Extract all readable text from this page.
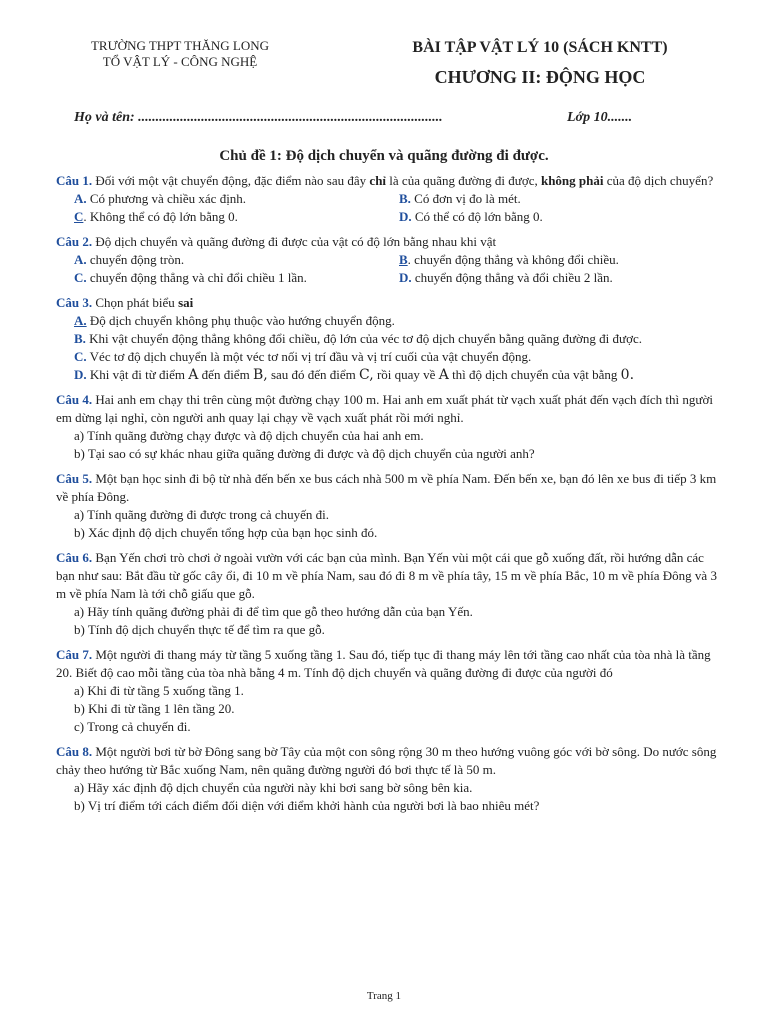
TRƯỜNG THPT THĂNG LONG
TỔ VẬT LÝ - CÔNG NGHỆ
BÀI TẬP VẬT LÝ 10 (SÁCH KNTT)
CHƯƠNG II: ĐỘNG HỌC
Họ và tên: .......................................................................................	Lớp 10.......
Chủ đề 1: Độ dịch chuyển và quãng đường đi được.
Câu 1. Đối với một vật chuyển động, đặc điểm nào sau đây chỉ là của quãng đường đi được, không phải của độ dịch chuyển?
A. Có phương và chiều xác định.	B. Có đơn vị đo là mét.
C. Không thể có độ lớn bằng 0.	D. Có thể có độ lớn bằng 0.
Câu 2. Độ dịch chuyển và quãng đường đi được của vật có độ lớn bằng nhau khi vật
A. chuyển động tròn.	B. chuyển động thẳng và không đổi chiều.
C. chuyển động thẳng và chỉ đổi chiều 1 lần.	D. chuyển động thẳng và đổi chiều 2 lần.
Câu 3. Chọn phát biểu sai
A. Độ dịch chuyển không phụ thuộc vào hướng chuyển động.
B. Khi vật chuyển động thẳng không đổi chiều, độ lớn của véc tơ độ dịch chuyển bằng quãng đường đi được.
C. Véc tơ độ dịch chuyển là một véc tơ nối vị trí đầu và vị trí cuối của vật chuyển động.
D. Khi vật đi từ điểm A đến điểm B, sau đó đến điểm C, rồi quay về A thì độ dịch chuyển của vật bằng 0.
Câu 4. Hai anh em chạy thi trên cùng một đường chạy 100 m. Hai anh em xuất phát từ vạch xuất phát đến vạch đích thì người em dừng lại nghỉ, còn người anh quay lại chạy về vạch xuất phát rồi mới nghỉ.
a) Tính quãng đường chạy được và độ dịch chuyển của hai anh em.
b) Tại sao có sự khác nhau giữa quãng đường đi được và độ dịch chuyển của người anh?
Câu 5. Một bạn học sinh đi bộ từ nhà đến bến xe bus cách nhà 500 m về phía Nam. Đến bến xe, bạn đó lên xe bus đi tiếp 3 km về phía Đông.
a) Tính quãng đường đi được trong cả chuyến đi.
b) Xác định độ dịch chuyển tổng hợp của bạn học sinh đó.
Câu 6. Bạn Yến chơi trò chơi ở ngoài vườn với các bạn của mình. Bạn Yến vùi một cái que gỗ xuống đất, rồi hướng dẫn các bạn như sau: Bắt đầu từ gốc cây ổi, đi 10 m về phía Nam, sau đó đi 8 m về phía tây, 15 m về phía Bắc, 10 m về phía Đông và 3 m về phía Nam là tới chỗ giấu que gỗ.
a) Hãy tính quãng đường phải đi để tìm que gỗ theo hướng dẫn của bạn Yến.
b) Tính độ dịch chuyển thực tế để tìm ra que gỗ.
Câu 7. Một người đi thang máy từ tầng 5 xuống tầng 1. Sau đó, tiếp tục đi thang máy lên tới tầng cao nhất của tòa nhà là tầng 20. Biết độ cao mỗi tầng của tòa nhà bằng 4 m. Tính độ dịch chuyển và quãng đường đi được của người đó
a) Khi đi từ tầng 5 xuống tầng 1.
b) Khi đi từ tầng 1 lên tầng 20.
c) Trong cả chuyến đi.
Câu 8. Một người bơi từ bờ Đông sang bờ Tây của một con sông rộng 30 m theo hướng vuông góc với bờ sông. Do nước sông chảy theo hướng từ Bắc xuống Nam, nên quãng đường người đó bơi thực tế là 50 m.
a) Hãy xác định độ dịch chuyển của người này khi bơi sang bờ sông bên kia.
b) Vị trí điểm tới cách điểm đối diện với điểm khởi hành của người bơi là bao nhiêu mét?
Trang 1
